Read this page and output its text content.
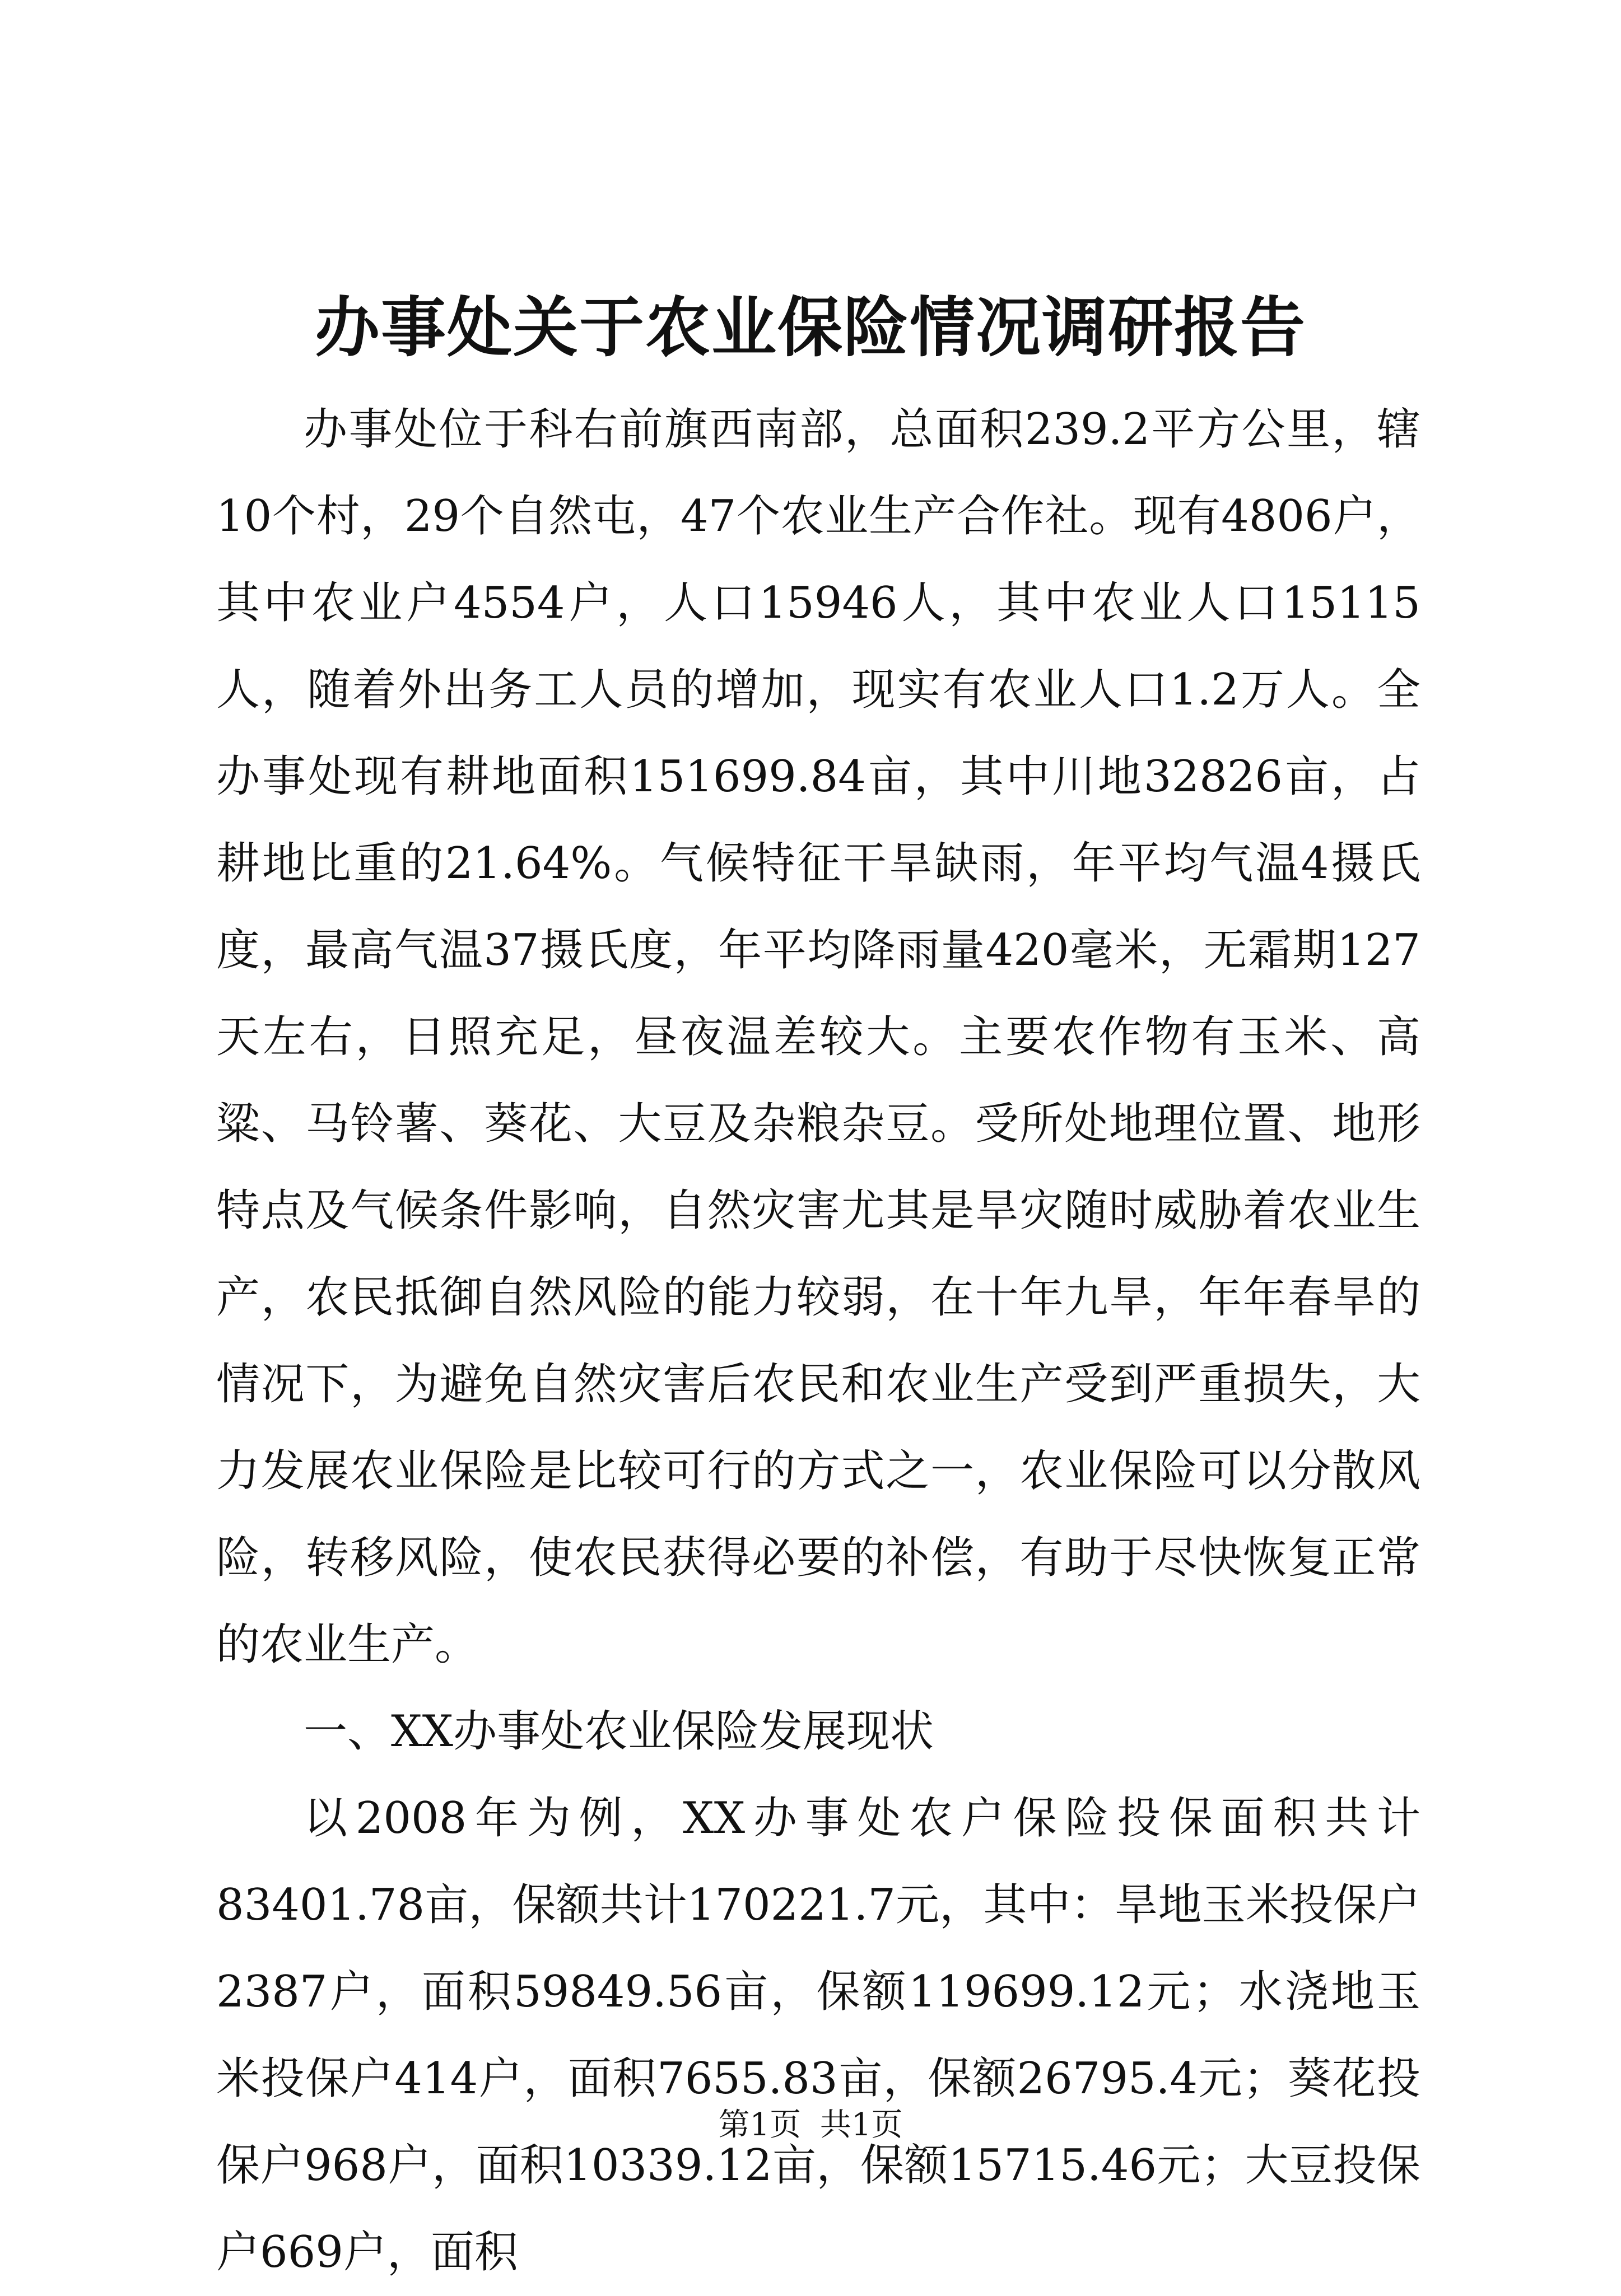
办事处关于农业保险情况调研报告

办事处位于科右前旗西南部，总面积239.2平方公里，辖10个村，29个自然屯，47个农业生产合作社。现有4806户，其中农业户4554户，人口15946人，其中农业人口15115人，随着外出务工人员的增加，现实有农业人口1.2万人。全办事处现有耕地面积151699.84亩，其中川地32826亩，占耕地比重的21.64%。气候特征干旱缺雨，年平均气温4摄氏度，最高气温37摄氏度，年平均降雨量420毫米，无霜期127天左右，日照充足，昼夜温差较大。主要农作物有玉米、高粱、马铃薯、葵花、大豆及杂粮杂豆。受所处地理位置、地形特点及气候条件影响，自然灾害尤其是旱灾随时威胁着农业生产，农民抵御自然风险的能力较弱，在十年九旱，年年春旱的情况下，为避免自然灾害后农民和农业生产受到严重损失，大力发展农业保险是比较可行的方式之一，农业保险可以分散风险，转移风险，使农民获得必要的补偿，有助于尽快恢复正常的农业生产。

一、XX办事处农业保险发展现状

以2008年为例，XX办事处农户保险投保面积共计83401.78亩，保额共计170221.7元，其中：旱地玉米投保户2387户，面积59849.56亩，保额119699.12元；水浇地玉米投保户414户，面积7655.83亩，保额26795.4元；葵花投保户968户，面积10339.12亩，保额15715.46元；大豆投保户669户，面积

第1页 共1页
